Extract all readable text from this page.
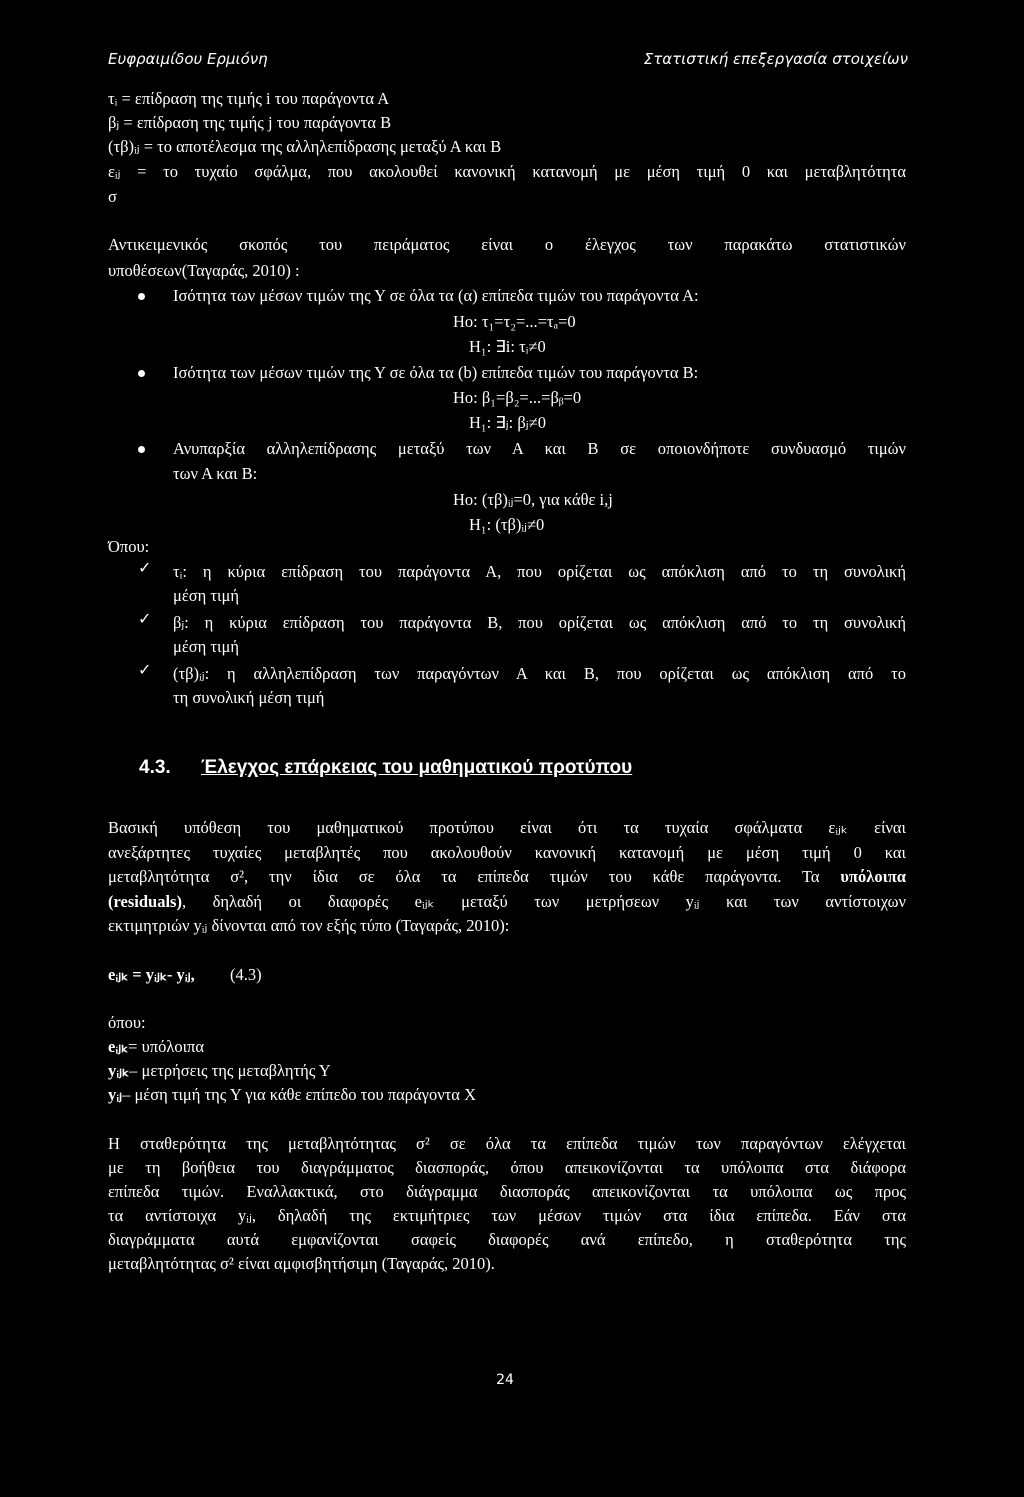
Ευφραιμίδου Ερμιόνη	Στατιστική επεξεργασία στοιχείων
τᵢ = επίδραση της τιμής i του παράγοντα Α
βⱼ = επίδραση της τιμής j του παράγοντα Β
(τβ)ᵢⱼ = το αποτέλεσμα της αλληλεπίδρασης μεταξύ Α και Β
εᵢⱼ = το τυχαίο σφάλμα, που ακολουθεί κανονική κατανομή με μέση τιμή 0 και μεταβλητότητα
σ
Αντικειμενικός σκοπός του πειράματος είναι ο έλεγχος των παρακάτω στατιστικών
υποθέσεων(Ταγαράς, 2010) :
Ισότητα των μέσων τιμών της Υ σε όλα τα (α) επίπεδα τιμών του παράγοντα Α:
Ho: τ₁=τ₂=...=τₐ=0
H₁: ∃i: τᵢ≠0
Ισότητα των μέσων τιμών της Υ σε όλα τα (b) επίπεδα τιμών του παράγοντα Β:
Ho: β₁=β₂=...=βᵦ=0
H₁: ∃ⱼ: βⱼ≠0
Ανυπαρξία αλληλεπίδρασης μεταξύ των Α και Β σε οποιονδήποτε συνδυασμό τιμών
των Α και Β:
Ho: (τβ)ᵢⱼ=0, για κάθε i,j
H₁: (τβ)ᵢⱼ≠0
Όπου:
✓ τᵢ: η κύρια επίδραση του παράγοντα Α, που ορίζεται ως απόκλιση από το τη συνολική
μέση τιμή
✓ βⱼ: η κύρια επίδραση του παράγοντα Β, που ορίζεται ως απόκλιση από το τη συνολική
μέση τιμή
✓ (τβ)ᵢⱼ: η αλληλεπίδραση των παραγόντων Α και Β, που ορίζεται ως απόκλιση από το
τη συνολική μέση τιμή
4.3. Έλεγχος επάρκειας του μαθηματικού προτύπου
Βασική υπόθεση του μαθηματικού προτύπου είναι ότι τα τυχαία σφάλματα εᵢⱼₖ είναι
ανεξάρτητες τυχαίες μεταβλητές που ακολουθούν κανονική κατανομή με μέση τιμή 0 και
μεταβλητότητα σ², την ίδια σε όλα τα επίπεδα τιμών του κάθε παράγοντα. Τα υπόλοιπα
(residuals), δηλαδή οι διαφορές eᵢⱼₖ μεταξύ των μετρήσεων yᵢⱼ και των αντίστοιχων
εκτιμητριών yᵢⱼ δίνονται από τον εξής τύπο (Ταγαράς, 2010):
eᵢⱼₖ = yᵢⱼₖ- yᵢⱼ, (4.3)
όπου:
eᵢⱼₖ= υπόλοιπα
yᵢⱼₖ– μετρήσεις της μεταβλητής Υ
yᵢⱼ– μέση τιμή της Υ για κάθε επίπεδο του παράγοντα Χ
Η σταθερότητα της μεταβλητότητας σ² σε όλα τα επίπεδα τιμών των παραγόντων ελέγχεται
με τη βοήθεια του διαγράμματος διασποράς, όπου απεικονίζονται τα υπόλοιπα στα διάφορα
επίπεδα τιμών. Εναλλακτικά, στο διάγραμμα διασποράς απεικονίζονται τα υπόλοιπα ως προς
τα αντίστοιχα yᵢⱼ, δηλαδή της εκτιμήτριες των μέσων τιμών στα ίδια επίπεδα. Εάν στα
διαγράμματα αυτά εμφανίζονται σαφείς διαφορές ανά επίπεδο, η σταθερότητα της
μεταβλητότητας σ² είναι αμφισβητήσιμη (Ταγαράς, 2010).
24
